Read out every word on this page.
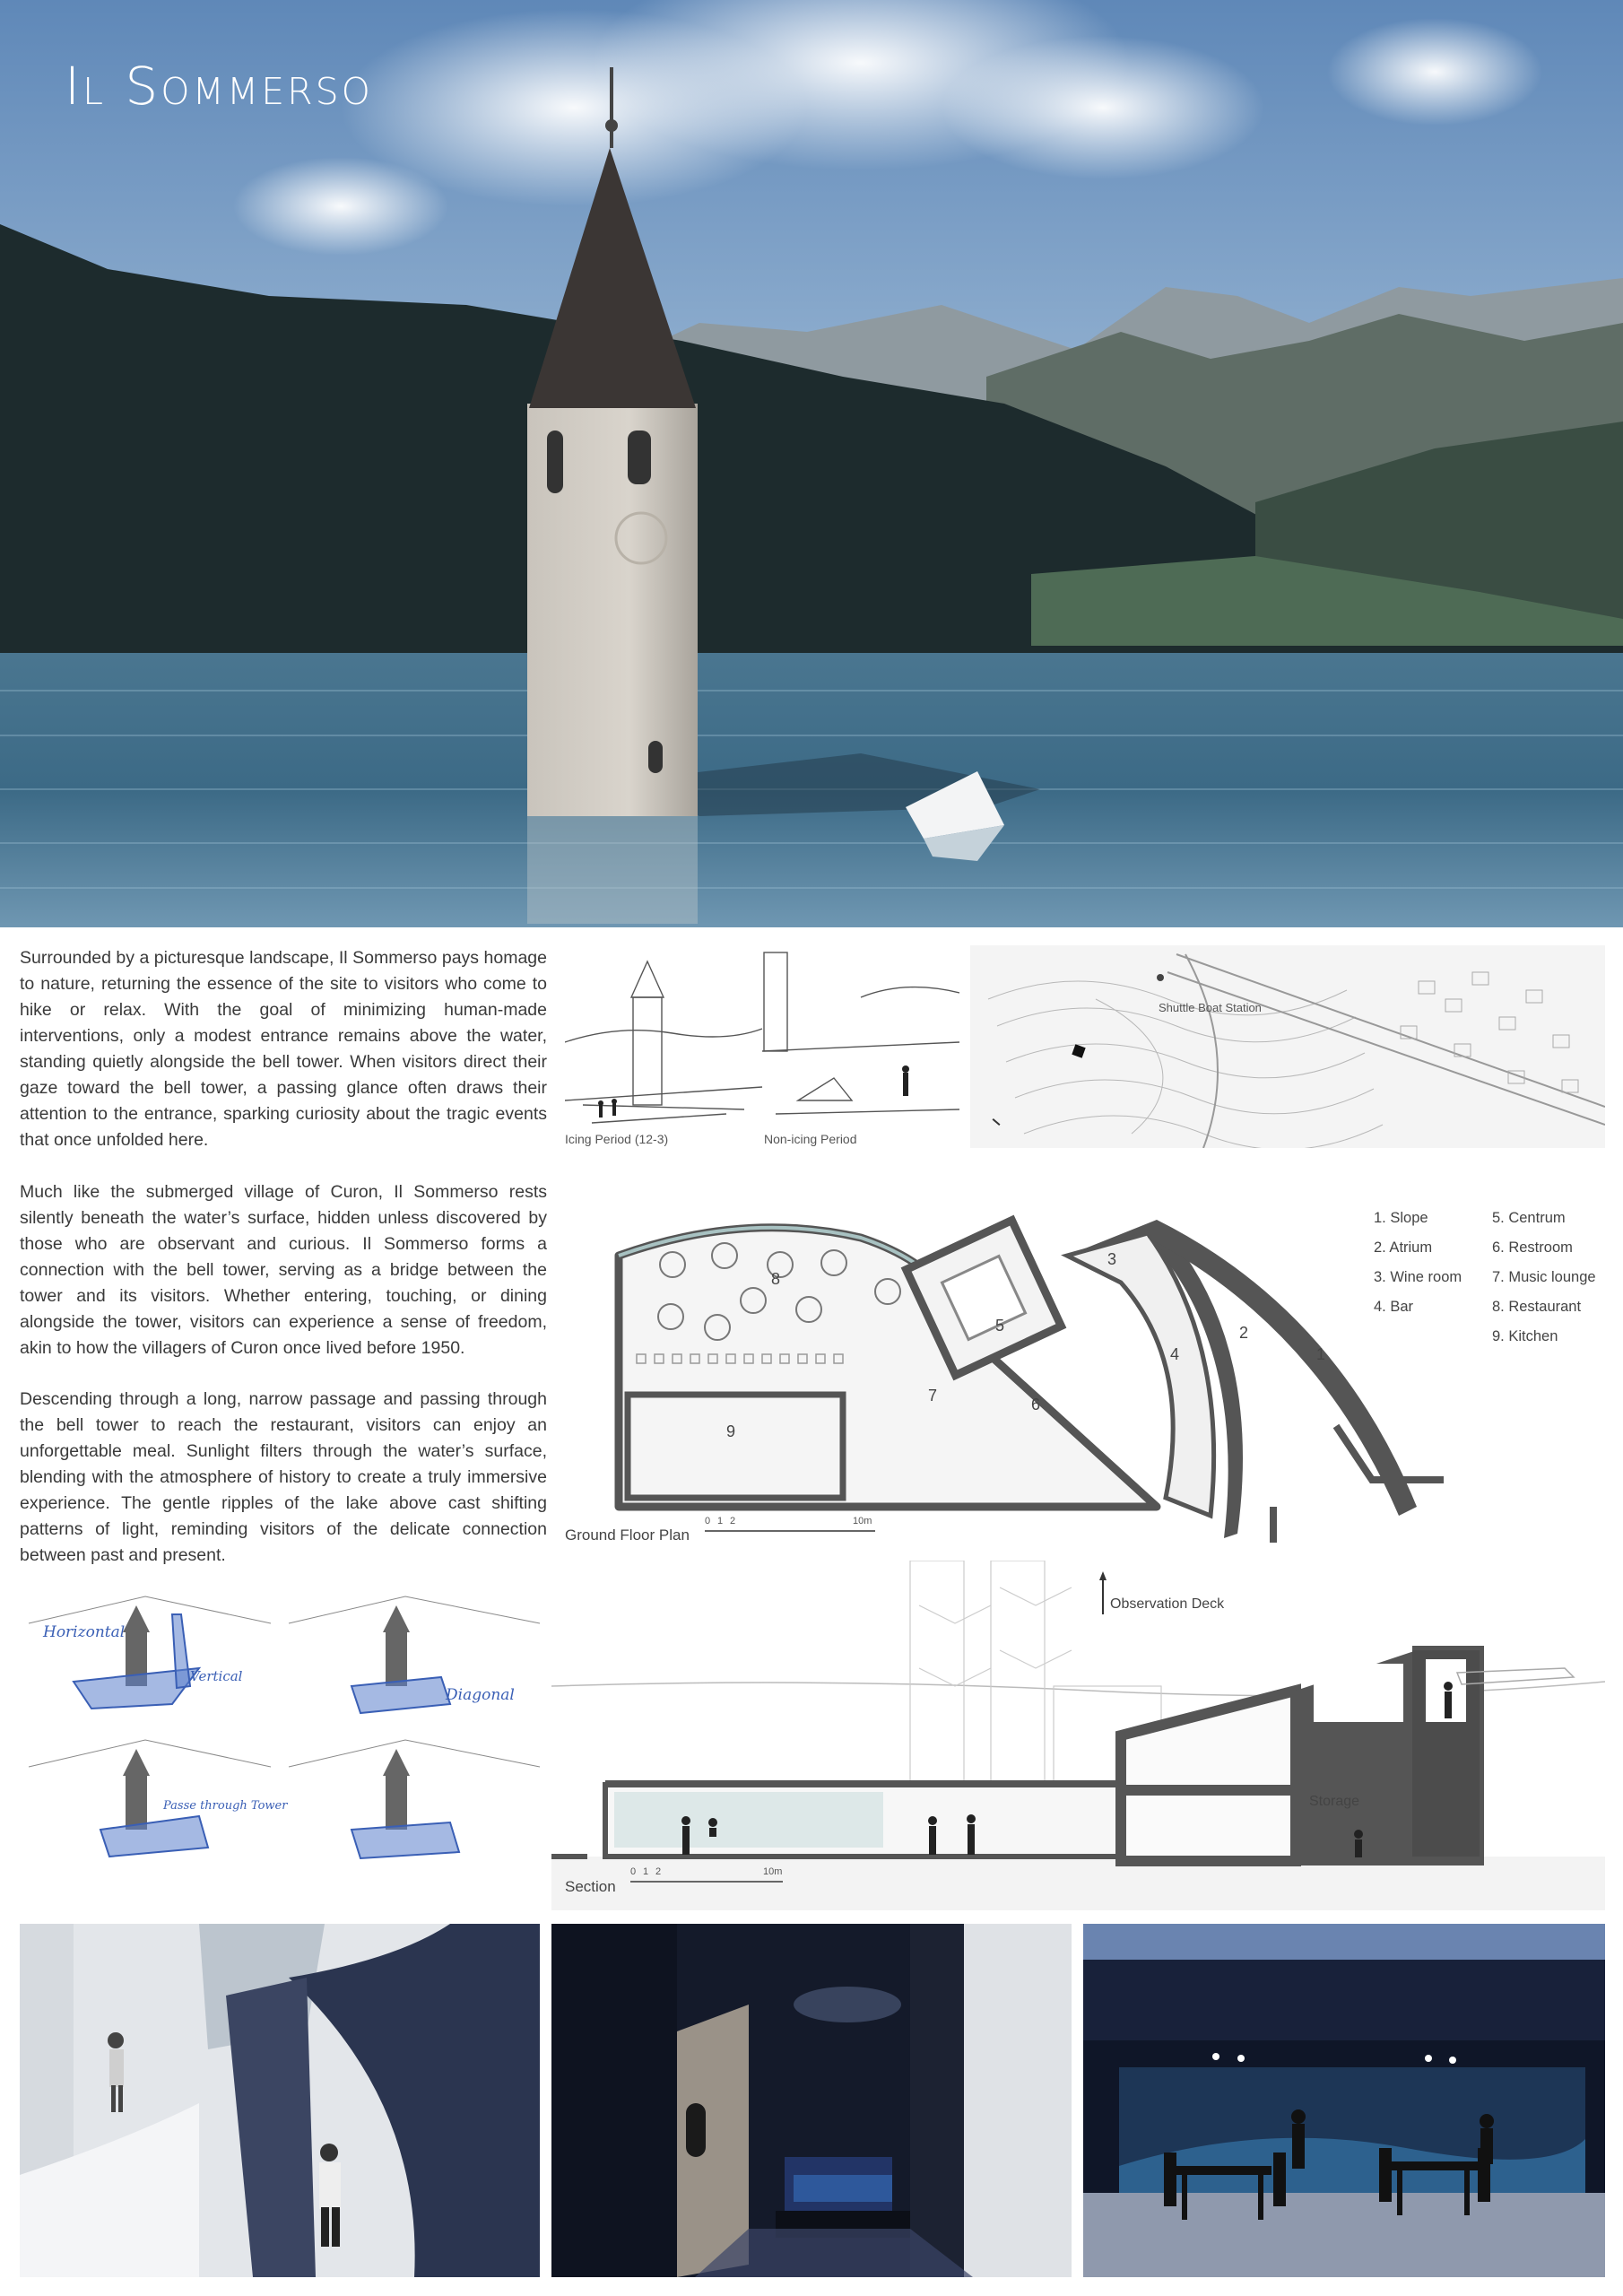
Il Sommerso
Surrounded by a picturesque landscape, Il Sommerso pays homage to nature, returning the essence of the site to visitors who come to hike or relax. With the goal of minimizing human-made interventions, only a modest entrance remains above the water, standing quietly alongside the bell tower. When visitors direct their gaze toward the bell tower, a passing glance often draws their attention to the entrance, sparking curiosity about the tragic events that once unfolded here.
Much like the submerged village of Curon, Il Sommerso rests silently beneath the water’s surface, hidden unless discovered by those who are observant and curious. Il Sommerso forms a connection with the bell tower, serving as a bridge between the tower and its visitors. Whether entering, touching, or dining alongside the tower, visitors can experience a sense of freedom, akin to how the villagers of Curon once lived before 1950.
Descending through a long, narrow passage and passing through the bell tower to reach the restaurant, visitors can enjoy an unforgettable meal. Sunlight filters through the water’s surface, blending with the atmosphere of history to create a truly immersive experience. The gentle ripples of the lake above cast shifting patterns of light, reminding visitors of the delicate connection between past and present.
Icing Period (12-3)	Non-icing Period
Shuttle Boat Station
1
2
3
4
5
6
7
8
9
Ground Floor Plan
0 1 2	10m
1. Slope
2. Atrium
3. Wine room
4. Bar
5. Centrum
6. Restroom
7. Music lounge
8. Restaurant
9. Kitchen
Horizontal
Vertical
Diagonal
Passe through Tower
Observation Deck
Storage
Section
0 1 2	10m
